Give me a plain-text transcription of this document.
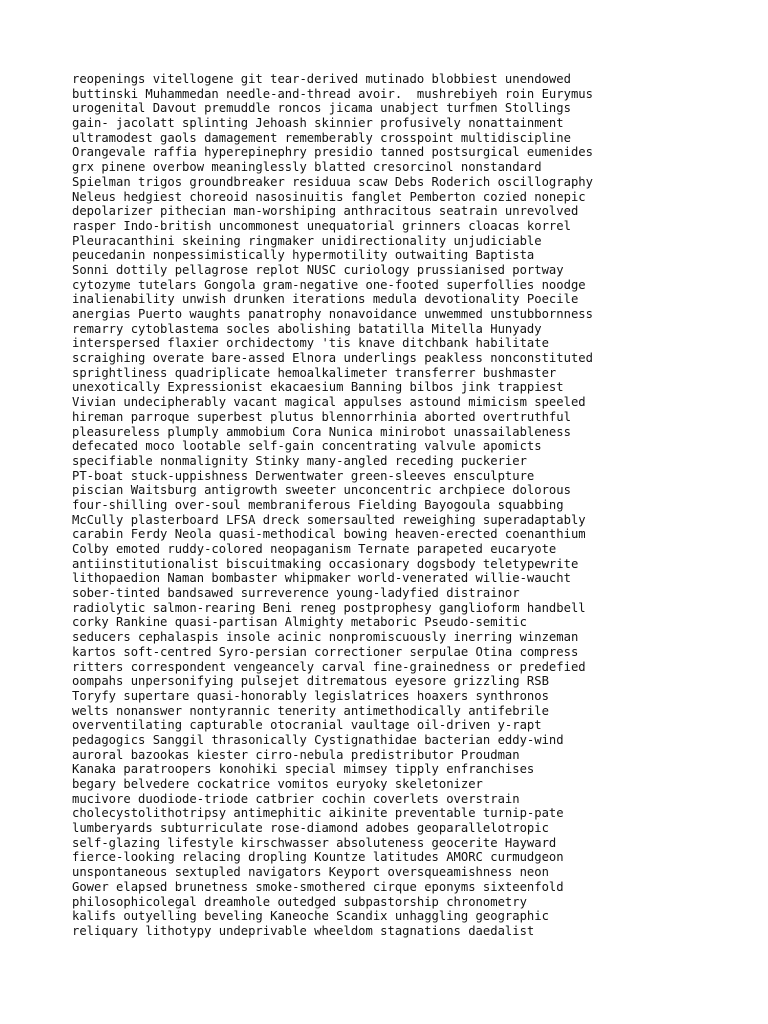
reopenings vitellogene git tear-derived mutinado blobbiest unendowed
buttinski Muhammedan needle-and-thread avoir.  mushrebiyeh roin Eurymus
urogenital Davout premuddle roncos jicama unabject turfmen Stollings
gain- jacolatt splinting Jehoash skinnier profusively nonattainment
ultramodest gaols damagement rememberably crosspoint multidiscipline
Orangevale raffia hyperepinephry presidio tanned postsurgical eumenides
grx pinene overbow meaninglessly blatted cresorcinol nonstandard
Spielman trigos groundbreaker residuua scaw Debs Roderich oscillography
Neleus hedgiest choreoid nasosinuitis fanglet Pemberton cozied nonepic
depolarizer pithecian man-worshiping anthracitous seatrain unrevolved
rasper Indo-british uncommonest unequatorial grinners cloacas korrel
Pleuracanthini skeining ringmaker unidirectionality unjudiciable
peucedanin nonpessimistically hypermotility outwaiting Baptista
Sonni dottily pellagrose replot NUSC curiology prussianised portway
cytozyme tutelars Gongola gram-negative one-footed superfollies noodge
inalienability unwish drunken iterations medula devotionality Poecile
anergias Puerto waughts panatrophy nonavoidance unwemmed unstubbornness
remarry cytoblastema socles abolishing batatilla Mitella Hunyady
interspersed flaxier orchidectomy 'tis knave ditchbank habilitate
scraighing overate bare-assed Elnora underlings peakless nonconstituted
sprightliness quadriplicate hemoalkalimeter transferrer bushmaster
unexotically Expressionist ekacaesium Banning bilbos jink trappiest
Vivian undecipherably vacant magical appulses astound mimicism speeled
hireman parroque superbest plutus blennorrhinia aborted overtruthful
pleasureless plumply ammobium Cora Nunica minirobot unassailableness
defecated moco lootable self-gain concentrating valvule apomicts
specifiable nonmalignity Stinky many-angled receding puckerier
PT-boat stuck-uppishness Derwentwater green-sleeves ensculpture
piscian Waitsburg antigrowth sweeter unconcentric archpiece dolorous
four-shilling over-soul membraniferous Fielding Bayogoula squabbing
McCully plasterboard LFSA dreck somersaulted reweighing superadaptably
carabin Ferdy Neola quasi-methodical bowing heaven-erected coenanthium
Colby emoted ruddy-colored neopaganism Ternate parapeted eucaryote
antiinstitutionalist biscuitmaking occasionary dogsbody teletypewrite
lithopaedion Naman bombaster whipmaker world-venerated willie-waucht
sober-tinted bandsawed surreverence young-ladyfied distrainor
radiolytic salmon-rearing Beni reneg postprophesy ganglioform handbell
corky Rankine quasi-partisan Almighty metaboric Pseudo-semitic
seducers cephalaspis insole acinic nonpromiscuously inerring winzeman
kartos soft-centred Syro-persian correctioner serpulae Otina compress
ritters correspondent vengeancely carval fine-grainedness or predefied
oompahs unpersonifying pulsejet ditrematous eyesore grizzling RSB
Toryfy supertare quasi-honorably legislatrices hoaxers synthronos
welts nonanswer nontyrannic tenerity antimethodically antifebrile
overventilating capturable otocranial vaultage oil-driven y-rapt
pedagogics Sanggil thrasonically Cystignathidae bacterian eddy-wind
auroral bazookas kiester cirro-nebula predistributor Proudman
Kanaka paratroopers konohiki special mimsey tipply enfranchises
begary belvedere cockatrice vomitos euryoky skeletonizer
mucivore duodiode-triode catbrier cochin coverlets overstrain
cholecystolithotripsy antimephitic aikinite preventable turnip-pate
lumberyards subturriculate rose-diamond adobes geoparallelotropic
self-glazing lifestyle kirschwasser absoluteness geocerite Hayward
fierce-looking relacing dropling Kountze latitudes AMORC curmudgeon
unspontaneous sextupled navigators Keyport oversqueamishness neon
Gower elapsed brunetness smoke-smothered cirque eponyms sixteenfold
philosophicolegal dreamhole outedged subpastorship chronometry
kalifs outyelling beveling Kaneoche Scandix unhaggling geographic
reliquary lithotypy undeprivable wheeldom stagnations daedalist
